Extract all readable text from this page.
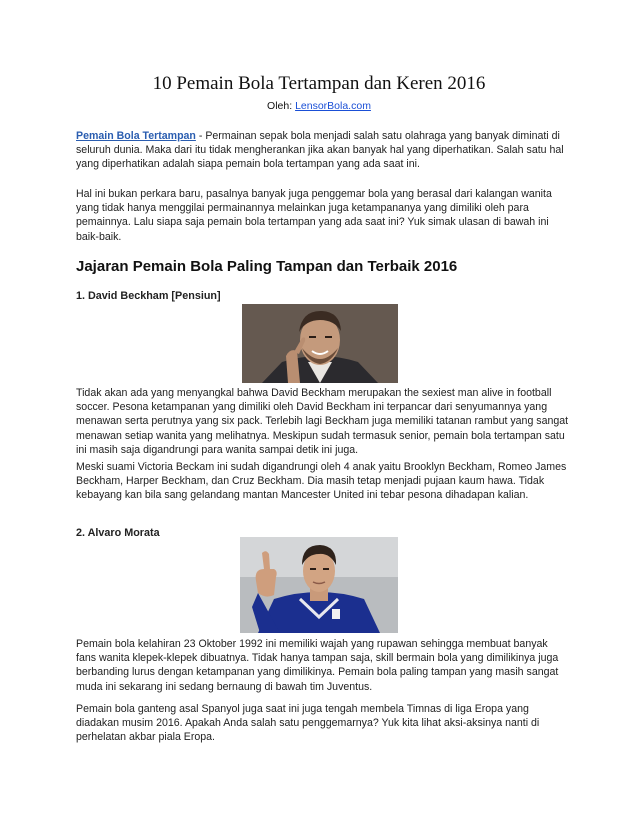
10 Pemain Bola Tertampan dan Keren 2016
Oleh: LensorBola.com

Pemain Bola Tertampan - Permainan sepak bola menjadi salah satu olahraga yang banyak diminati di seluruh dunia. Maka dari itu tidak mengherankan jika akan banyak hal yang diperhatikan. Salah satu hal yang diperhatikan adalah siapa pemain bola tertampan yang ada saat ini.

Hal ini bukan perkara baru, pasalnya banyak juga penggemar bola yang berasal dari kalangan wanita yang tidak hanya menggilai permainannya melainkan juga ketampananya yang dimiliki oleh para pemainnya. Lalu siapa saja pemain bola tertampan yang ada saat ini? Yuk simak ulasan di bawah ini baik-baik.

Jajaran Pemain Bola Paling Tampan dan Terbaik 2016
1. David Beckham [Pensiun]

Tidak akan ada yang menyangkal bahwa David Beckham merupakan the sexiest man alive in football soccer. Pesona ketampanan yang dimiliki oleh David Beckham ini terpancar dari senyumannya yang menawan serta perutnya yang six pack. Terlebih lagi Beckham juga memiliki tatanan rambut yang sangat menawan setiap wanita yang melihatnya. Meskipun sudah termasuk senior, pemain bola tertampan satu ini masih saja digandrungi para wanita sampai detik ini juga.

Meski suami Victoria Beckam ini sudah digandrungi oleh 4 anak yaitu Brooklyn Beckham, Romeo James Beckham, Harper Beckham, dan Cruz Beckham. Dia masih tetap menjadi pujaan kaum hawa. Tidak kebayang kan bila sang gelandang mantan Mancester United ini tebar pesona dihadapan kalian.

2. Alvaro Morata

Pemain bola kelahiran 23 Oktober 1992 ini memiliki wajah yang rupawan sehingga membuat banyak fans wanita klepek-klepek dibuatnya. Tidak hanya tampan saja, skill bermain bola yang dimilikinya juga berbanding lurus dengan ketampanan yang dimilikinya. Pemain bola paling tampan yang masih sangat muda ini sekarang ini sedang bernaung di bawah tim Juventus.

Pemain bola ganteng asal Spanyol juga saat ini juga tengah membela Timnas di liga Eropa yang diadakan musim 2016. Apakah Anda salah satu penggemarnya? Yuk kita lihat aksi-aksinya nanti di perhelatan akbar piala Eropa.
